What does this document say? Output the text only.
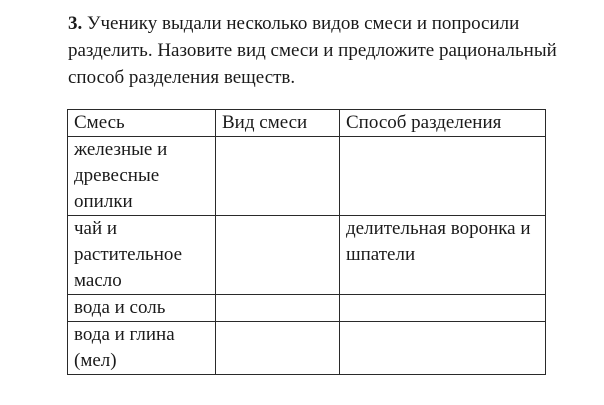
3. Ученику выдали несколько видов смеси и попросили разделить. Назовите вид смеси и предложите рациональный способ разделения веществ.
Смесь	Вид смеси	Способ разделения
железные и древесные опилки		
чай и растительное масло		делительная воронка и шпатели
вода и соль		
вода и глина (мел)		
